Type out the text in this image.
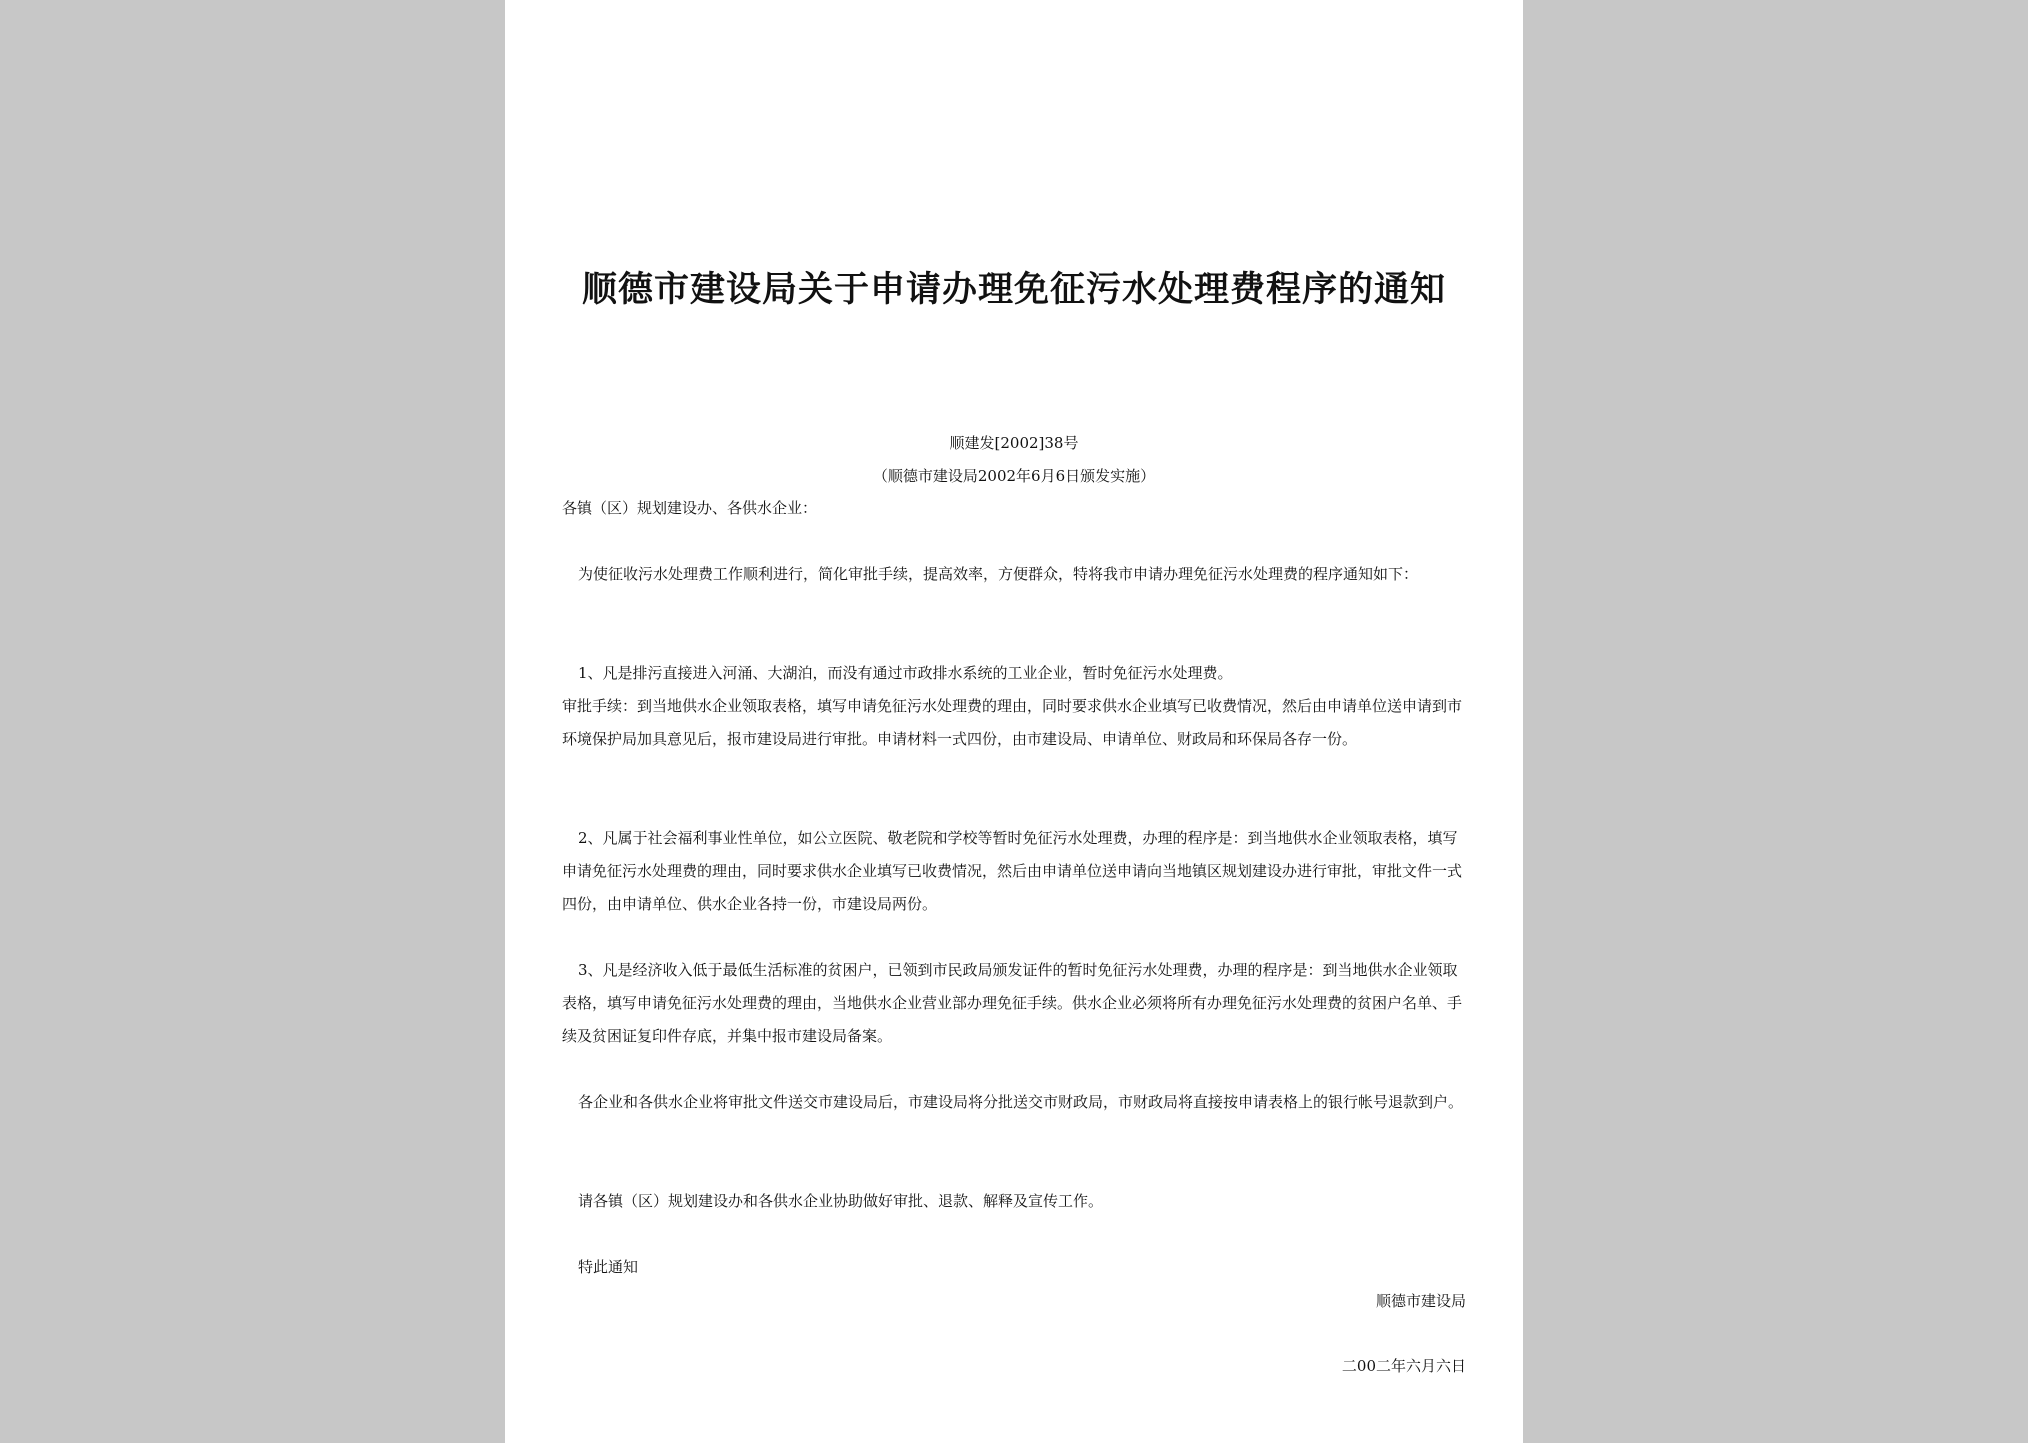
顺德市建设局关于申请办理免征污水处理费程序的通知
顺建发[2002]38号
（顺德市建设局2002年6月6日颁发实施）

各镇（区）规划建设办、各供水企业：

为使征收污水处理费工作顺利进行，简化审批手续，提高效率，方便群众，特将我市申请办理免征污水处理费的程序通知如下：

1、凡是排污直接进入河涌、大湖泊，而没有通过市政排水系统的工业企业，暂时免征污水处理费。

审批手续：到当地供水企业领取表格，填写申请免征污水处理费的理由，同时要求供水企业填写已收费情况，然后由申请单位送申请到市环境保护局加具意见后，报市建设局进行审批。申请材料一式四份，由市建设局、申请单位、财政局和环保局各存一份。

2、凡属于社会福利事业性单位，如公立医院、敬老院和学校等暂时免征污水处理费，办理的程序是：到当地供水企业领取表格，填写申请免征污水处理费的理由，同时要求供水企业填写已收费情况，然后由申请单位送申请向当地镇区规划建设办进行审批，审批文件一式四份，由申请单位、供水企业各持一份，市建设局两份。

3、凡是经济收入低于最低生活标准的贫困户，已领到市民政局颁发证件的暂时免征污水处理费，办理的程序是：到当地供水企业领取表格，填写申请免征污水处理费的理由，当地供水企业营业部办理免征手续。供水企业必须将所有办理免征污水处理费的贫困户名单、手续及贫困证复印件存底，并集中报市建设局备案。

各企业和各供水企业将审批文件送交市建设局后，市建设局将分批送交市财政局，市财政局将直接按申请表格上的银行帐号退款到户。

请各镇（区）规划建设办和各供水企业协助做好审批、退款、解释及宣传工作。

特此通知

顺德市建设局
二00二年六月六日
